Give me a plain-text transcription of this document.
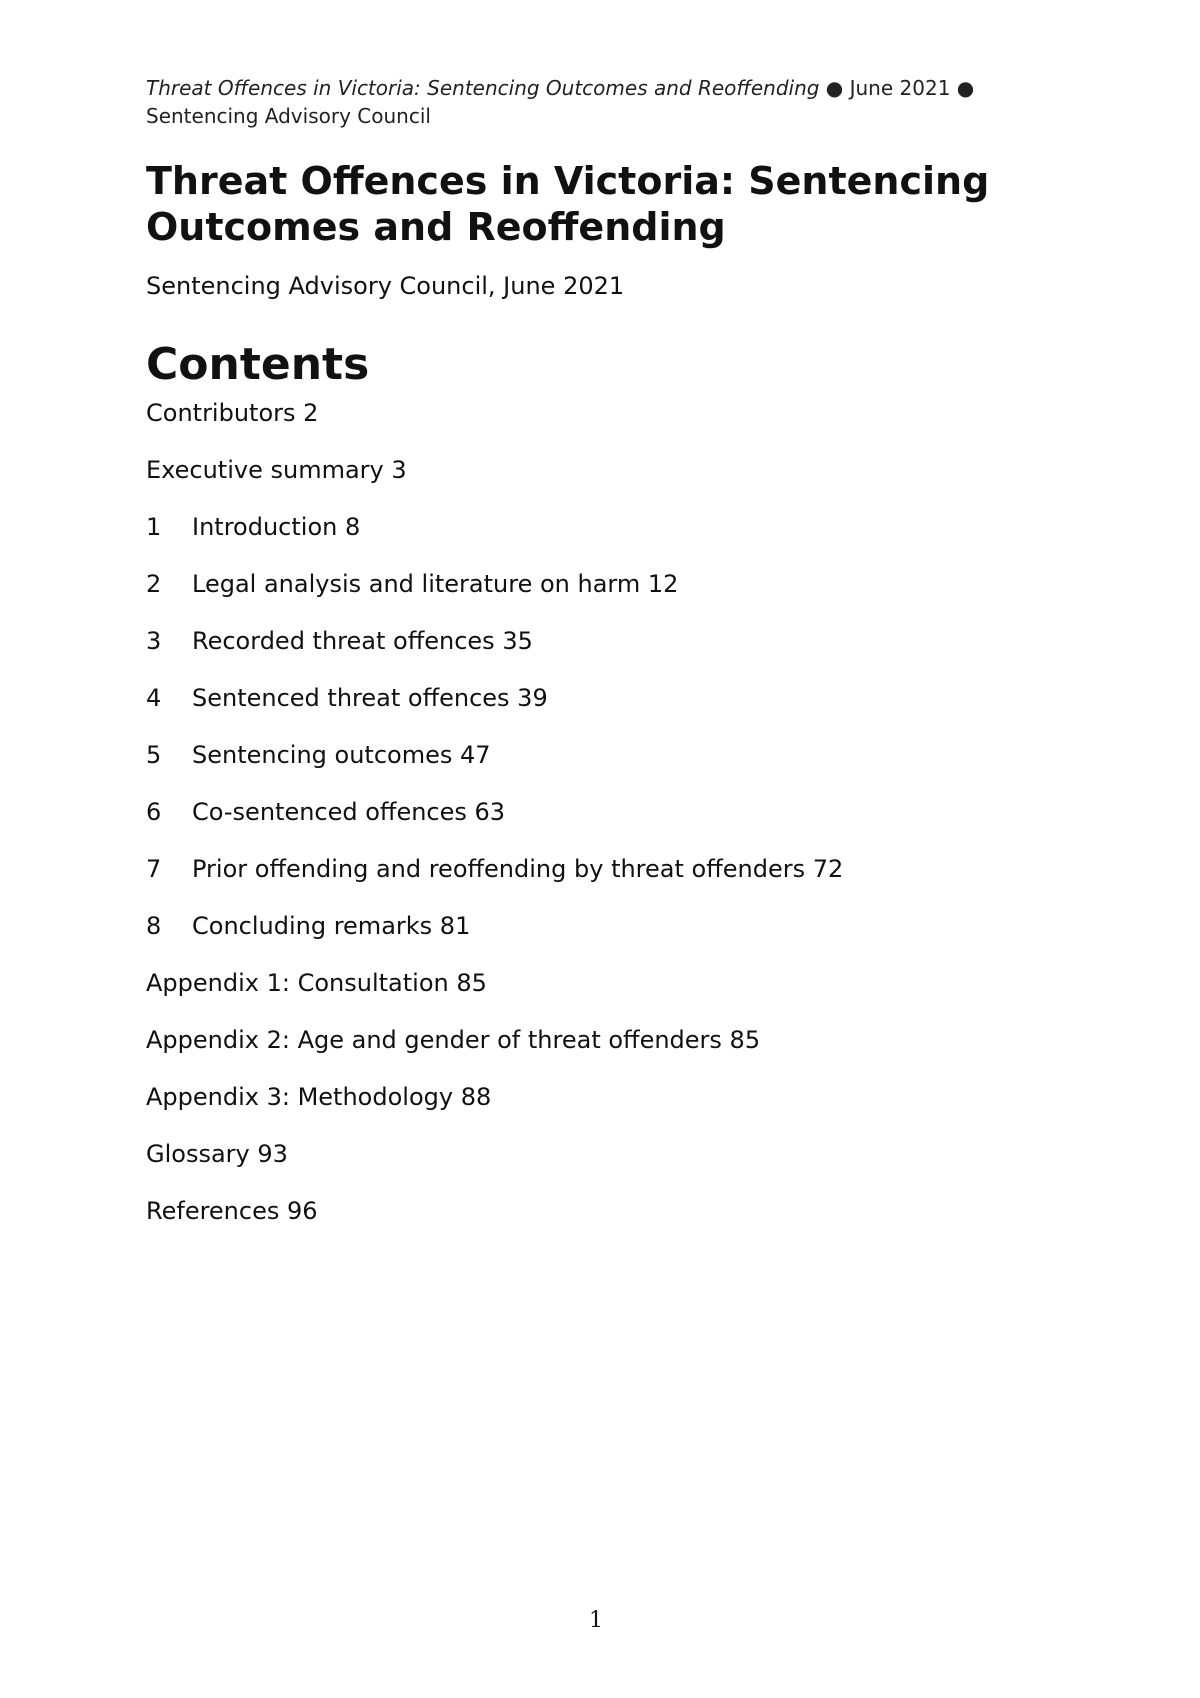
Threat Offences in Victoria: Sentencing Outcomes and Reoffending ● June 2021 ●
Sentencing Advisory Council
Threat Offences in Victoria: Sentencing Outcomes and Reoffending

Sentencing Advisory Council, June 2021

Contents
Contributors 2
Executive summary 3
1 Introduction 8
2 Legal analysis and literature on harm 12
3 Recorded threat offences 35
4 Sentenced threat offences 39
5 Sentencing outcomes 47
6 Co-sentenced offences 63
7 Prior offending and reoffending by threat offenders 72
8 Concluding remarks 81
Appendix 1: Consultation 85
Appendix 2: Age and gender of threat offenders 85
Appendix 3: Methodology 88
Glossary 93
References 96
1
